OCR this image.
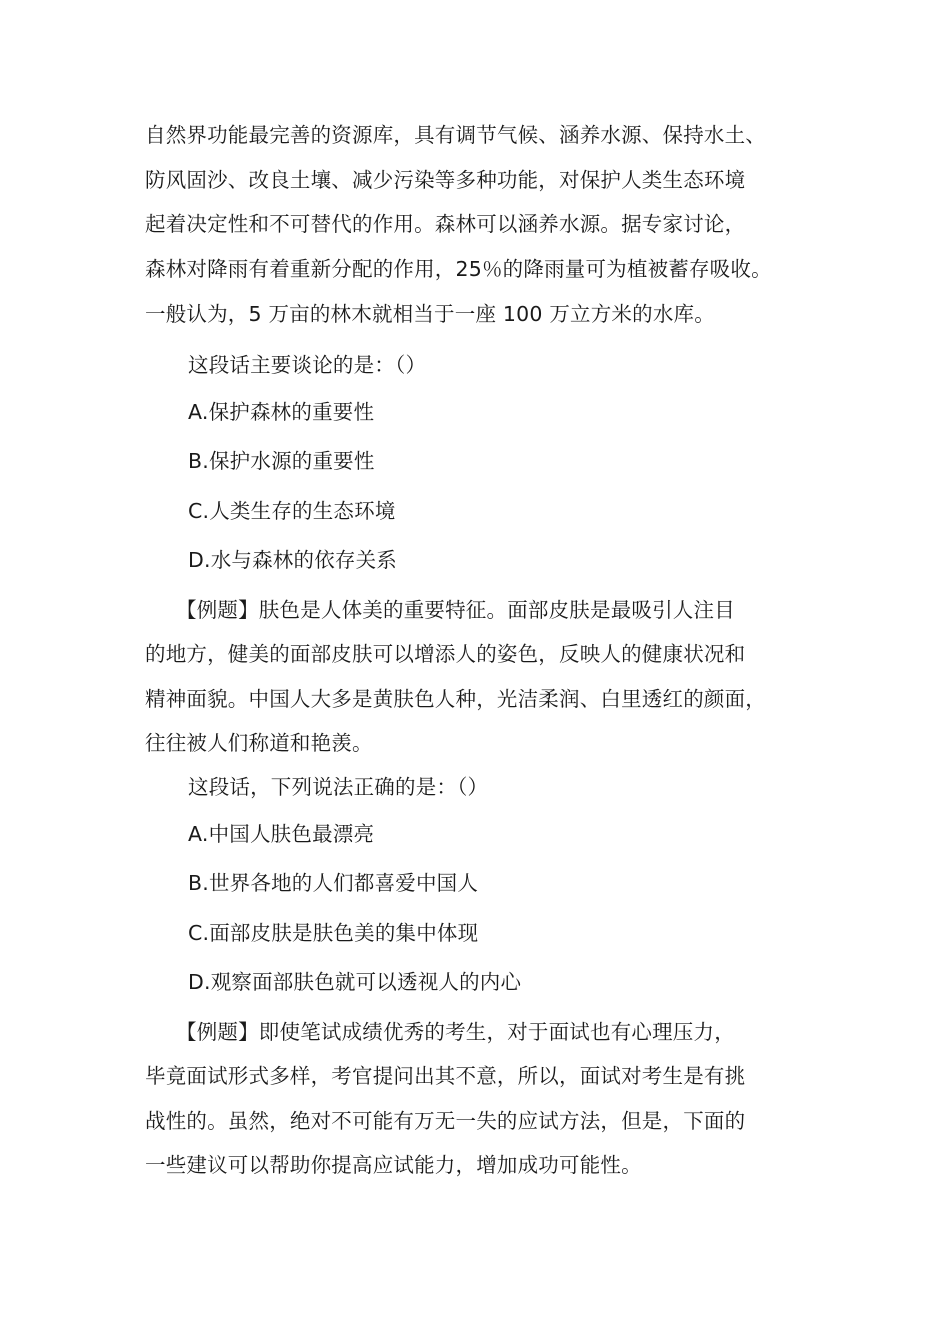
自然界功能最完善的资源库，具有调节气候、涵养水源、保持水土、
防风固沙、改良土壤、减少污染等多种功能，对保护人类生态环境
起着决定性和不可替代的作用。森林可以涵养水源。据专家讨论，
森林对降雨有着重新分配的作用，25％的降雨量可为植被蓄存吸收。
一般认为，5 万亩的林木就相当于一座 100 万立方米的水库。
这段话主要谈论的是：（）
A.保护森林的重要性
B.保护水源的重要性
C.人类生存的生态环境
D.水与森林的依存关系
【例题】肤色是人体美的重要特征。面部皮肤是最吸引人注目
的地方，健美的面部皮肤可以增添人的姿色，反映人的健康状况和
精神面貌。中国人大多是黄肤色人种，光洁柔润、白里透红的颜面，
往往被人们称道和艳羡。
这段话，下列说法正确的是：（）
A.中国人肤色最漂亮
B.世界各地的人们都喜爱中国人
C.面部皮肤是肤色美的集中体现
D.观察面部肤色就可以透视人的内心
【例题】即使笔试成绩优秀的考生，对于面试也有心理压力，
毕竟面试形式多样，考官提问出其不意，所以，面试对考生是有挑
战性的。虽然，绝对不可能有万无一失的应试方法，但是，下面的
一些建议可以帮助你提高应试能力，增加成功可能性。
